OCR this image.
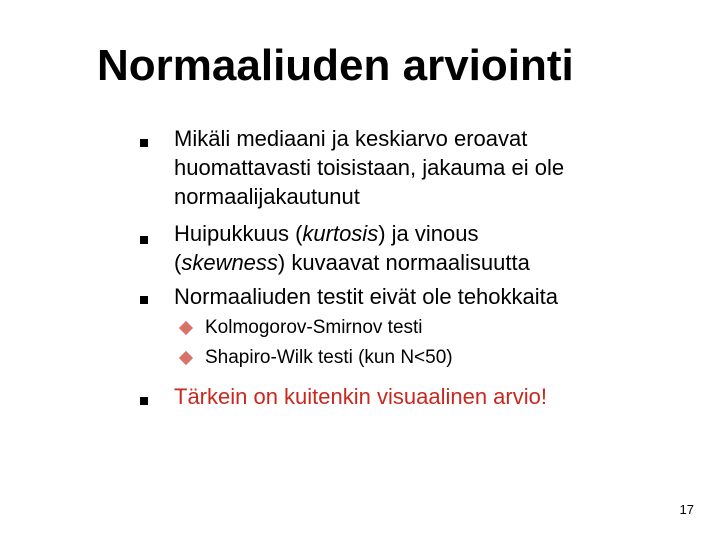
Normaaliuden arviointi
Mikäli mediaani ja keskiarvo eroavat
huomattavasti toisistaan, jakauma ei ole
normaalijakautunut
Huipukkuus (kurtosis) ja vinous
(skewness) kuvaavat normaalisuutta
Normaaliuden testit eivät ole tehokkaita
Kolmogorov-Smirnov testi
Shapiro-Wilk testi (kun N<50)
Tärkein on kuitenkin visuaalinen arvio!
17
